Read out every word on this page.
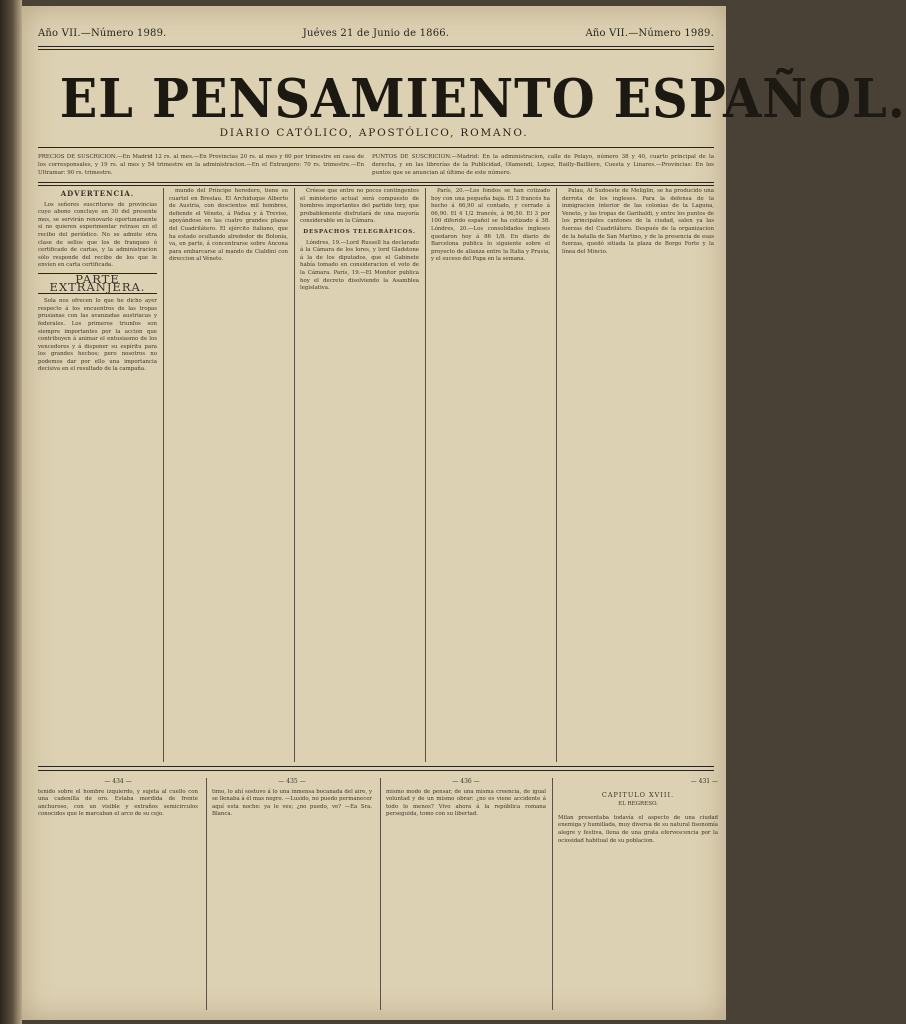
Año VII.—Número 1989.	Juéves 21 de Junio de 1866.	Año VII.—Número 1989.
EL PENSAMIENTO ESPAÑOL.
DIARIO CATÓLICO, APOSTÓLICO, ROMANO.
PRECIOS DE SUSCRICION.—En Madrid 12 rs. al mes.—En Provincias 20 rs. al mes y 60 por trimestre en casa de los corresponsales, y 19 rs. al mes y 54 trimestre en la administracion.—En el Extranjero: 70 rs. trimestre.—En Ultramar: 90 rs. trimestre.
PUNTOS DE SUSCRICION.—Madrid: En la administracion, calle de Pelayo, número 38 y 40, cuarto principal de la derecha, y en las librerías de la Publicidad, Olamendi, Lopez, Bailly-Bailliere, Cuesta y Linares.—Provincias: En los puntos que se anuncian al último de este número.
ADVERTENCIA.

Los señores suscritores de provincias cuyo abono concluye en 30 del presente mes, se servirán renovarlo oportunamente si no quieren experimentar retraso en el recibo del periódico. No se admite otra clase de sellos que los de franqueo ó certificado de cartas, y la administracion sólo responde del recibo de los que le envíen en carta certificada.

PARTE EXTRANJERA.

Sola nos ofrecen lo que he dicho ayer respecto á los encuentros de las tropas prusianas con las avanzadas austriacas y federales. Los primeros triunfos son siempre importantes por la accion que contribuyen á animar el entusiasmo de los vencedores y á disponer su espíritu para los grandes hechos; pero nosotros no podemos dar por ello una importancia decisiva en el resultado de la campaña.

mundo del Príncipe heredero, tiene su cuartel en Breslau. El Archiduque Alberto de Austria, con doscientos mil hombres, defiende el Véneto, á Pádua y á Treviso, apoyándose en las cuatro grandes plazas del Cuadrilátero. El ejército italiano, que ha estado ocultando alrededor de Bolonia, va, en parte, á concentrarse sobre Ancona para embarcarse al mando de Cialdini con direccion al Véneto.

Créese que entre no pocos contingentes el ministerio actual será compuesto de hombres importantes del partido tory, que probablemente disfrutará de una mayoría considerable en la Cámara.

DESPACHOS TELEGRÁFICOS.

Lóndres, 19.—Lord Russell ha declarado á la Cámara de los lores, y lord Gladstone á la de los diputados, que el Gabinete había tomado en consideracion el voto de la Cámara. París, 19.—El Monitor publica hoy el decreto disolviendo la Asamblea legislativa.

París, 20.—Los fondos se han cotizado hoy con una pequeña baja. El 3 francés ha hecho á 66,90 al contado, y cerrado á 66,90. El 4 1/2 francés, á 96,50. El 3 por 100 diferido español se ha cotizado á 38. Lóndres, 20.—Los consolidados ingleses quedaron hoy á 86 1/8. En diario de Barcelona publica lo siguiente sobre el proyecto de alianza entre la Italia y Prusia, y el suceso del Papa en la semana.

Palau, Al Sudoeste de Meliglin, se ha producido una derrota de los ingleses. Para la defensa de la inmigracion interior de las colonias de la Laguna, Veneto, y las tropas de Garibaldi, y entre los puntos de los principales cantones de la ciudad, salen ya las fuerzas del Cuadrilátero. Después de la organizacion de la batalla de San Martino, y de la presencia de esas fuerzas, quedó sitiada la plaza de Borgo Forte y la línea del Mincio.

— 434 —
tenido sobre el hombre izquierdo, y sujeta al cuello con una cadenilla de oro. Estaba mordida de frente anchuroso, con un visible y extraños semicirculos conocidos que le marcaban el arco de su cejo.
— 435 —
timo, lo ahí sostuvo á lo una inmensa bocanada del aire, y se llenaba á él mas negro. —Lusido, no puedo permanecer aquí esta noche: ya le ves; ¿no puedo, ve? —Ea Sra. Blanca.
— 436 —
mismo modo de pensar, de una misma creencia, de igual voluntad y de un mismo obrar: ¿no es viene accidente á todo lo menos? Vivo ahora á la república romana perseguida, tomo con su libertad.
— 431 —
CAPITULO XVIII.
EL REGRESO.
Milan presentaba todavía el aspecto de una ciudad enemiga y humillada, muy diversa de su natural fisonomía alegre y festiva, llena de una grata efervescencia por la ociosidad habitual de su poblacion.
